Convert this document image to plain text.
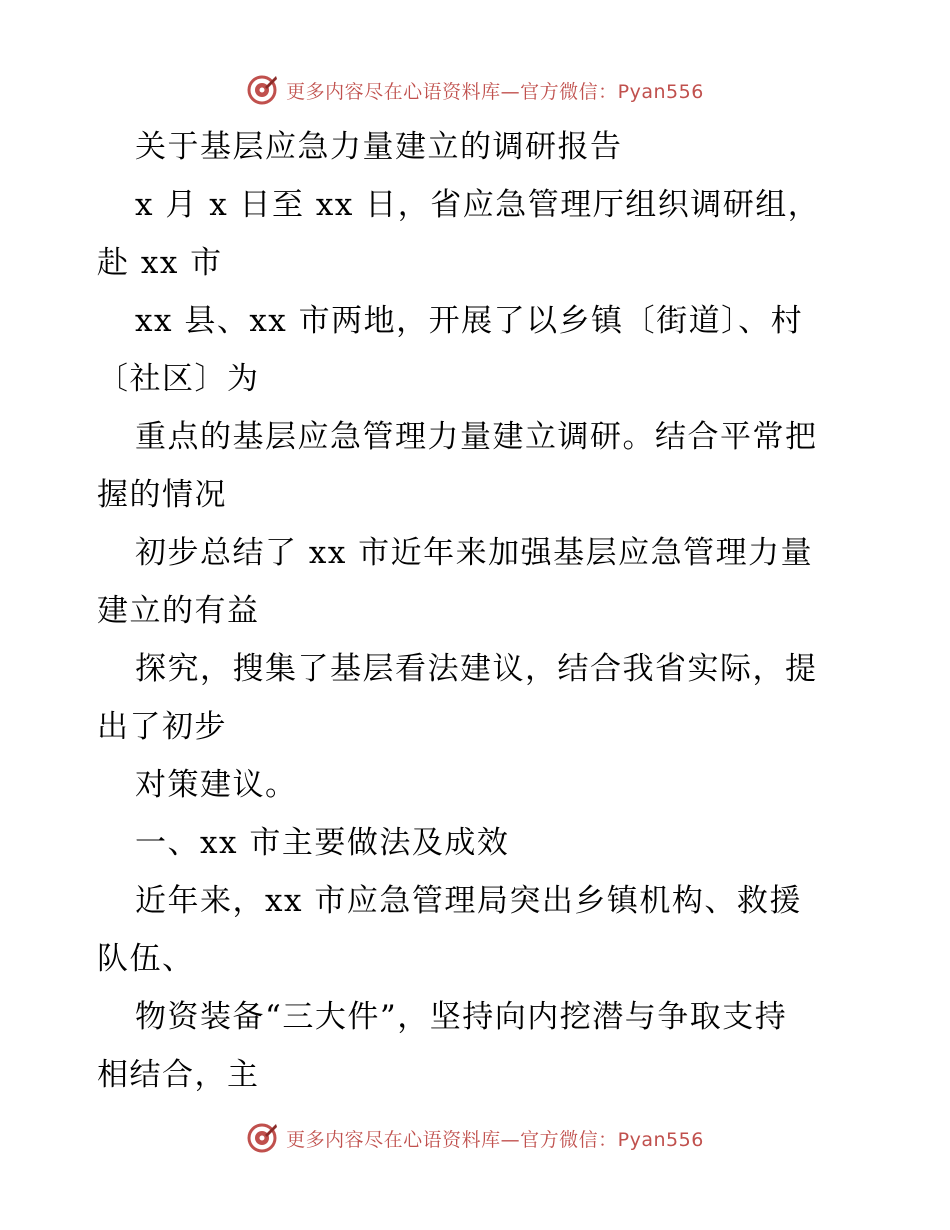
更多内容尽在心语资料库—官方微信：Pyan556
关于基层应急力量建立的调研报告
x 月 x 日至 xx 日，省应急管理厅组织调研组，
赴 xx 市
xx 县、xx 市两地，开展了以乡镇〔街道〕、村
〔社区〕为
重点的基层应急管理力量建立调研。结合平常把
握的情况
初步总结了 xx 市近年来加强基层应急管理力量
建立的有益
探究，搜集了基层看法建议，结合我省实际，提
出了初步
对策建议。
一、xx 市主要做法及成效
近年来，xx 市应急管理局突出乡镇机构、救援
队伍、
物资装备“三大件”，坚持向内挖潜与争取支持
相结合，主
更多内容尽在心语资料库—官方微信：Pyan556
